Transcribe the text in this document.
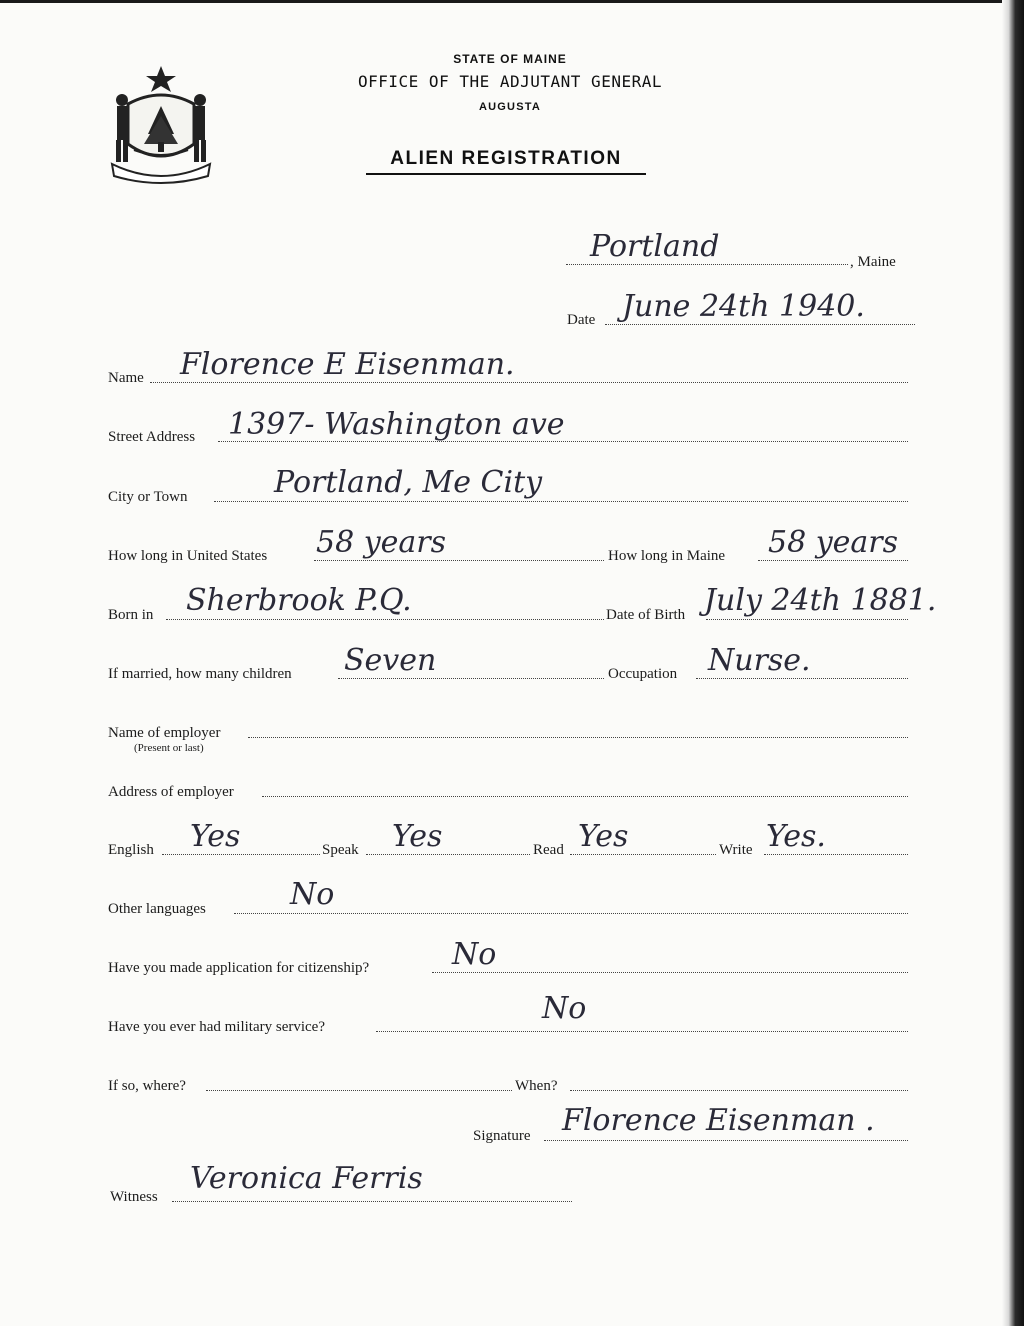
STATE OF MAINE
OFFICE OF THE ADJUTANT GENERAL
AUGUSTA
ALIEN REGISTRATION
Portland	, Maine
Date June 24th 1940.
Name Florence E Eisenman.
Street Address 1397- Washington ave
City or Town	Portland, Me City
How long in United States 58 years	How long in Maine 58 years
Born in Sherbrook P.Q.	Date of Birth July 24th 1881.
If married, how many children Seven	Occupation Nurse.
Name of employer
(Present or last)
Address of employer
English Yes	Speak Yes	Read Yes	Write Yes.
Other languages	No
Have you made application for citizenship?	No
Have you ever had military service?
No
If so, where?	When?
Signature Florence Eisenman .
Witness
Veronica Ferris
